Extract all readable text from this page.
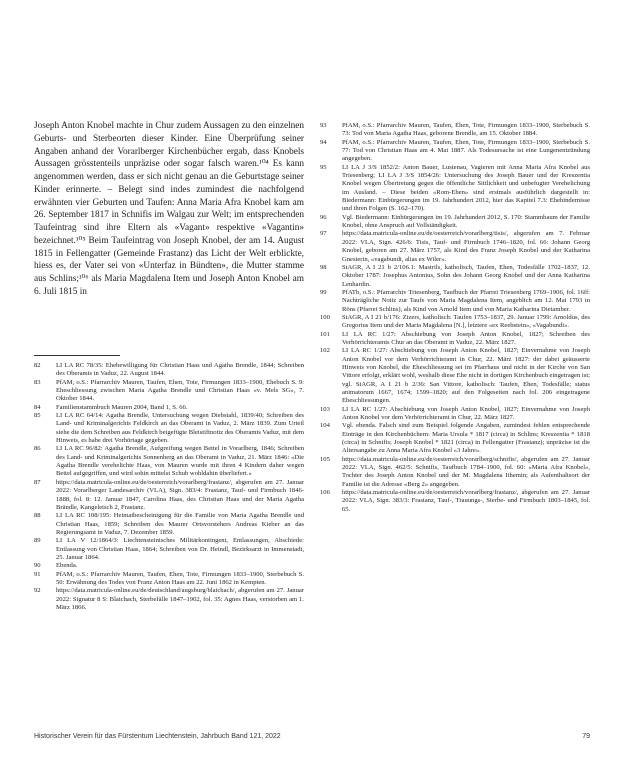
Joseph Anton Knobel machte in Chur zudem Aussagen zu den einzelnen Geburts- und Sterbeorten dieser Kinder. Eine Überprüfung seiner Angaben anhand der Vorarlberger Kirchenbücher ergab, dass Knobels Aussagen grösstenteils unpräzise oder sogar falsch waren.¹⁰⁴ Es kann angenommen werden, dass er sich nicht genau an die Geburtstage seiner Kinder erinnerte. – Belegt sind indes zumindest die nachfolgend erwähnten vier Geburten und Taufen: Anna Maria Afra Knobel kam am 26. September 1817 in Schnifis im Walgau zur Welt; im entsprechenden Taufeintrag sind ihre Eltern als «Vagant» respektive «Vagantin» bezeichnet.¹⁰⁵ Beim Taufeintrag von Joseph Knobel, der am 14. August 1815 in Fellengatter (Gemeinde Frastanz) das Licht der Welt erblickte, hiess es, der Vater sei von «Unterfaz in Bündten», die Mutter stamme aus Schlins;¹⁰⁶ als Maria Magdalena Item und Joseph Anton Knobel am 6. Juli 1815 in

82	LI LA RC 78/35: Ehebewilligung für Christian Haas und Agatha Brendle, 1844; Schreiben des Oberamts in Vaduz, 22. August 1844.
83	PfAM, o.S.: Pfarrarchiv Mauren, Taufen, Ehen, Tote, Firmungen 1833–1900, Ehebuch S. 9: Eheschliessung zwischen Maria Agatha Brendle und Christian Haas «v. Mels SG», 7. Oktober 1844.
84	Familienstammbuch Mauren 2004, Band 1, S. 66.
85	LI LA RC 64/14: Agatha Brendle, Untersuchung wegen Diebstahl, 1839/40; Schreiben des Land- und Kriminalgerichts Feldkirch an das Oberamt in Vaduz, 2. März 1839. Zum Urteil siehe die dem Schreiben aus Feldkirch beigefügte Bleistiftnotiz des Oberamts Vaduz, mit dem Hinweis, es habe drei Vorhörtage gegeben.
86	LI LA RC 96/82: Agatha Brendle, Aufgreifung wegen Bettel in Vorarlberg, 1846; Schreiben des Land- und Kriminalgerichts Sonnenberg an das Oberamt in Vaduz, 21. März 1846: «Die Agatha Brendle verehelichte Haas, von Mauren wurde mit ihren 4 Kindern daher wegen Bettel aufgegriffen, und wird sohin mittelst Schub wohldahin überliefert.»
87	https://data.matricula-online.eu/de/oesterreich/vorarlberg/frastanz/, abgerufen am 27. Januar 2022: Vorarlberger Landesarchiv (VLA), Sign. 383/4: Frastanz, Tauf- und Firmbuch 1846-1888, fol. 8: 12. Januar 1847, Carolina Haas, des Christian Haas und der Maria Agatha Brändle, Kangeletsch 2, Frastanz.
88	LI LA RC 108/195: Heimatbescheinigung für die Familie von Maria Agatha Brendle und Christian Haas, 1859; Schreiben des Maurer Ortsvorstehers Andreas Kieber an das Regierungsamt in Vaduz, 7. Dezember 1859.
89	LI LA V 12/1864/3: Liechtensteinisches Militärkontingent, Entlassungen, Abschiede: Entlassung von Christian Haas, 1864; Schreiben von Dr. Heindl, Bezirksarzt in Immenstadt, 25. Januar 1864.
90	Ebenda.
91	PfAM, o.S.: Pfarrarchiv Mauren, Taufen, Ehen, Tote, Firmungen 1833–1900, Sterbebuch S. 50: Erwähnung des Todes von Franz Anton Haas am 22. Juni 1862 in Kempten.
92	https://data.matricula-online.eu/de/deutschland/augsburg/blaichach/, abgerufen am 27. Januar 2022: Signatur 8 S: Blaichach, Sterbefälle 1847–1902, fol. 35: Agnes Haas, verstorben am 1. März 1866.
93	PfAM, o.S.: Pfarrarchiv Mauren, Taufen, Ehen, Tote, Firmungen 1833–1900, Sterbebuch S. 73: Tod von Maria Agatha Haas, geborene Brendle, am 15. Oktober 1884.
94	PfAM, o.S.: Pfarrarchiv Mauren, Taufen, Ehen, Tote, Firmungen 1833–1900, Sterbebuch S. 77: Tod von Christian Haas am 4. Mai 1887. Als Todesursache ist eine Lungenentzündung angegeben.
95	LI LA J 3/S 1852/2: Anton Bauer, Lustenau, Vagieren mit Anna Maria Afra Knobel aus Triesenberg; LI LA J 3/S 1854/26: Untersuchung des Joseph Bauer und der Kreszentia Knobel wegen Übertretung gegen die öffentliche Sittlichkeit und unbefugter Verehelichung im Ausland. – Diese beiden «Rom-Ehen» sind erstmals ausführlich dargestellt in: Biedermann: Einbürgerungen im 19. Jahrhundert 2012, hier das Kapitel 7.3: Ehehindernisse und ihren Folgen (S. 162–170).
96	Vgl. Biedermann: Einbürgerungen im 19. Jahrhundert 2012, S. 170: Stammbaum der Familie Knobel, ohne Anspruch auf Vollständigkeit.
97	https://data.matricula-online.eu/de/oesterreich/vorarlberg/tisis/, abgerufen am 7. Februar 2022: VLA, Sign. 426/6: Tisis, Tauf- und Firmbuch 1746–1820, fol. 66: Johann Georg Knobel, geboren am 27. März 1757, als Kind des Franz Joseph Knobel und der Katharina Gnesterin, «vagabundi, alias ex Wiler».
98	StAGR, A I 21 b 2/106.1: Mastrils, katholisch, Taufen, Ehen, Todesfälle 1702–1837, 12. Oktober 1787: Josephus Antonius, Sohn des Johann Georg Knobel und der Anna Katharina Lenhardin.
99	PfATb, o.S.: Pfarrarchiv Triesenberg, Taufbuch der Pfarrei Triesenberg 1769–1906, fol. 16ff: Nachträgliche Notiz zur Taufe von Maria Magdalena Item, angeblich am 12. Mai 1793 in Röns (Pfarrei Schlins), als Kind von Arnold Item und von Maria Katharina Dietamber.
100	StAGR, A I 21 b/176: Zizers, katholisch: Taufen 1753–1837, 29. Januar 1799: Arnoldus, des Gregorius Item und der Maria Magdalena [N.], letztere «ex Reebstein», «Vagabundi».
101	LI LA RC 1/27: Abschiebung von Joseph Anton Knobel, 1827; Schreiben des Verhörrichteramts Chur an das Oberamt in Vaduz, 22. März 1827.
102	LI LA RC 1/27: Abschiebung von Joseph Anton Knobel, 1827; Einvernahme von Joseph Anton Knobel vor dem Verhörrichteramt in Chur, 22. März 1827: der dabei geäusserte Hinweis von Knobel, die Eheschliessung sei im Pfarrhaus und nicht in der Kirche von San Vittore erfolgt, erklärt wohl, weshalb diese Ehe nicht in dortigen Kirchenbuch eingetragen ist; vgl. StAGR, A I 21 b 2/36: San Vittore, katholisch: Taufen, Ehen, Todesfälle; status animatorum 1667, 1674; 1599–1820; auf den Folgeseiten nach fol. 206 eingetragene Eheschliessungen.
103	LI LA RC 1/27: Abschiebung von Joseph Anton Knobel, 1827; Einvernahme von Joseph Anton Knobel vor dem Verhörrichteramt in Chur, 22. März 1827.
104	Vgl. ebenda. Falsch sind zum Beispiel folgende Angaben, zumindest fehlen entsprechende Einträge in den Kirchenbüchern: Maria Ursula * 1817 (circa) in Schlins; Kreszentia * 1818 (circa) in Schnifis; Joseph Knobel * 1821 (circa) in Fellengatter (Frastanz); unpräzise ist die Altersangabe zu Anna Maria Afra Knobel «3 Jahre».
105	https://data.matricula-online.eu/de/oesterreich/vorarlberg/schnifis/, abgerufen am 27. Januar 2022: VLA, Sign. 462/5: Schnifis, Taufbuch 1784–1900, fol. 60: «Maria Afra Knobel», Tochter des Joseph Anton Knobel und der M. Magdalena Ithemin; als Aufenthaltsort der Familie ist die Adresse «Berg 2» angegeben.
106	https://data.matricula-online.eu/de/oesterreich/vorarlberg/frastanz/, abgerufen am 27. Januar 2022: VLA, Sign. 383/3: Frastanz, Tauf-, Trauungs-, Sterbe- und Firmbuch 1803–1845, fol. 65.
Historischer Verein für das Fürstentum Liechtenstein, Jahrbuch Band 121, 2022	79
